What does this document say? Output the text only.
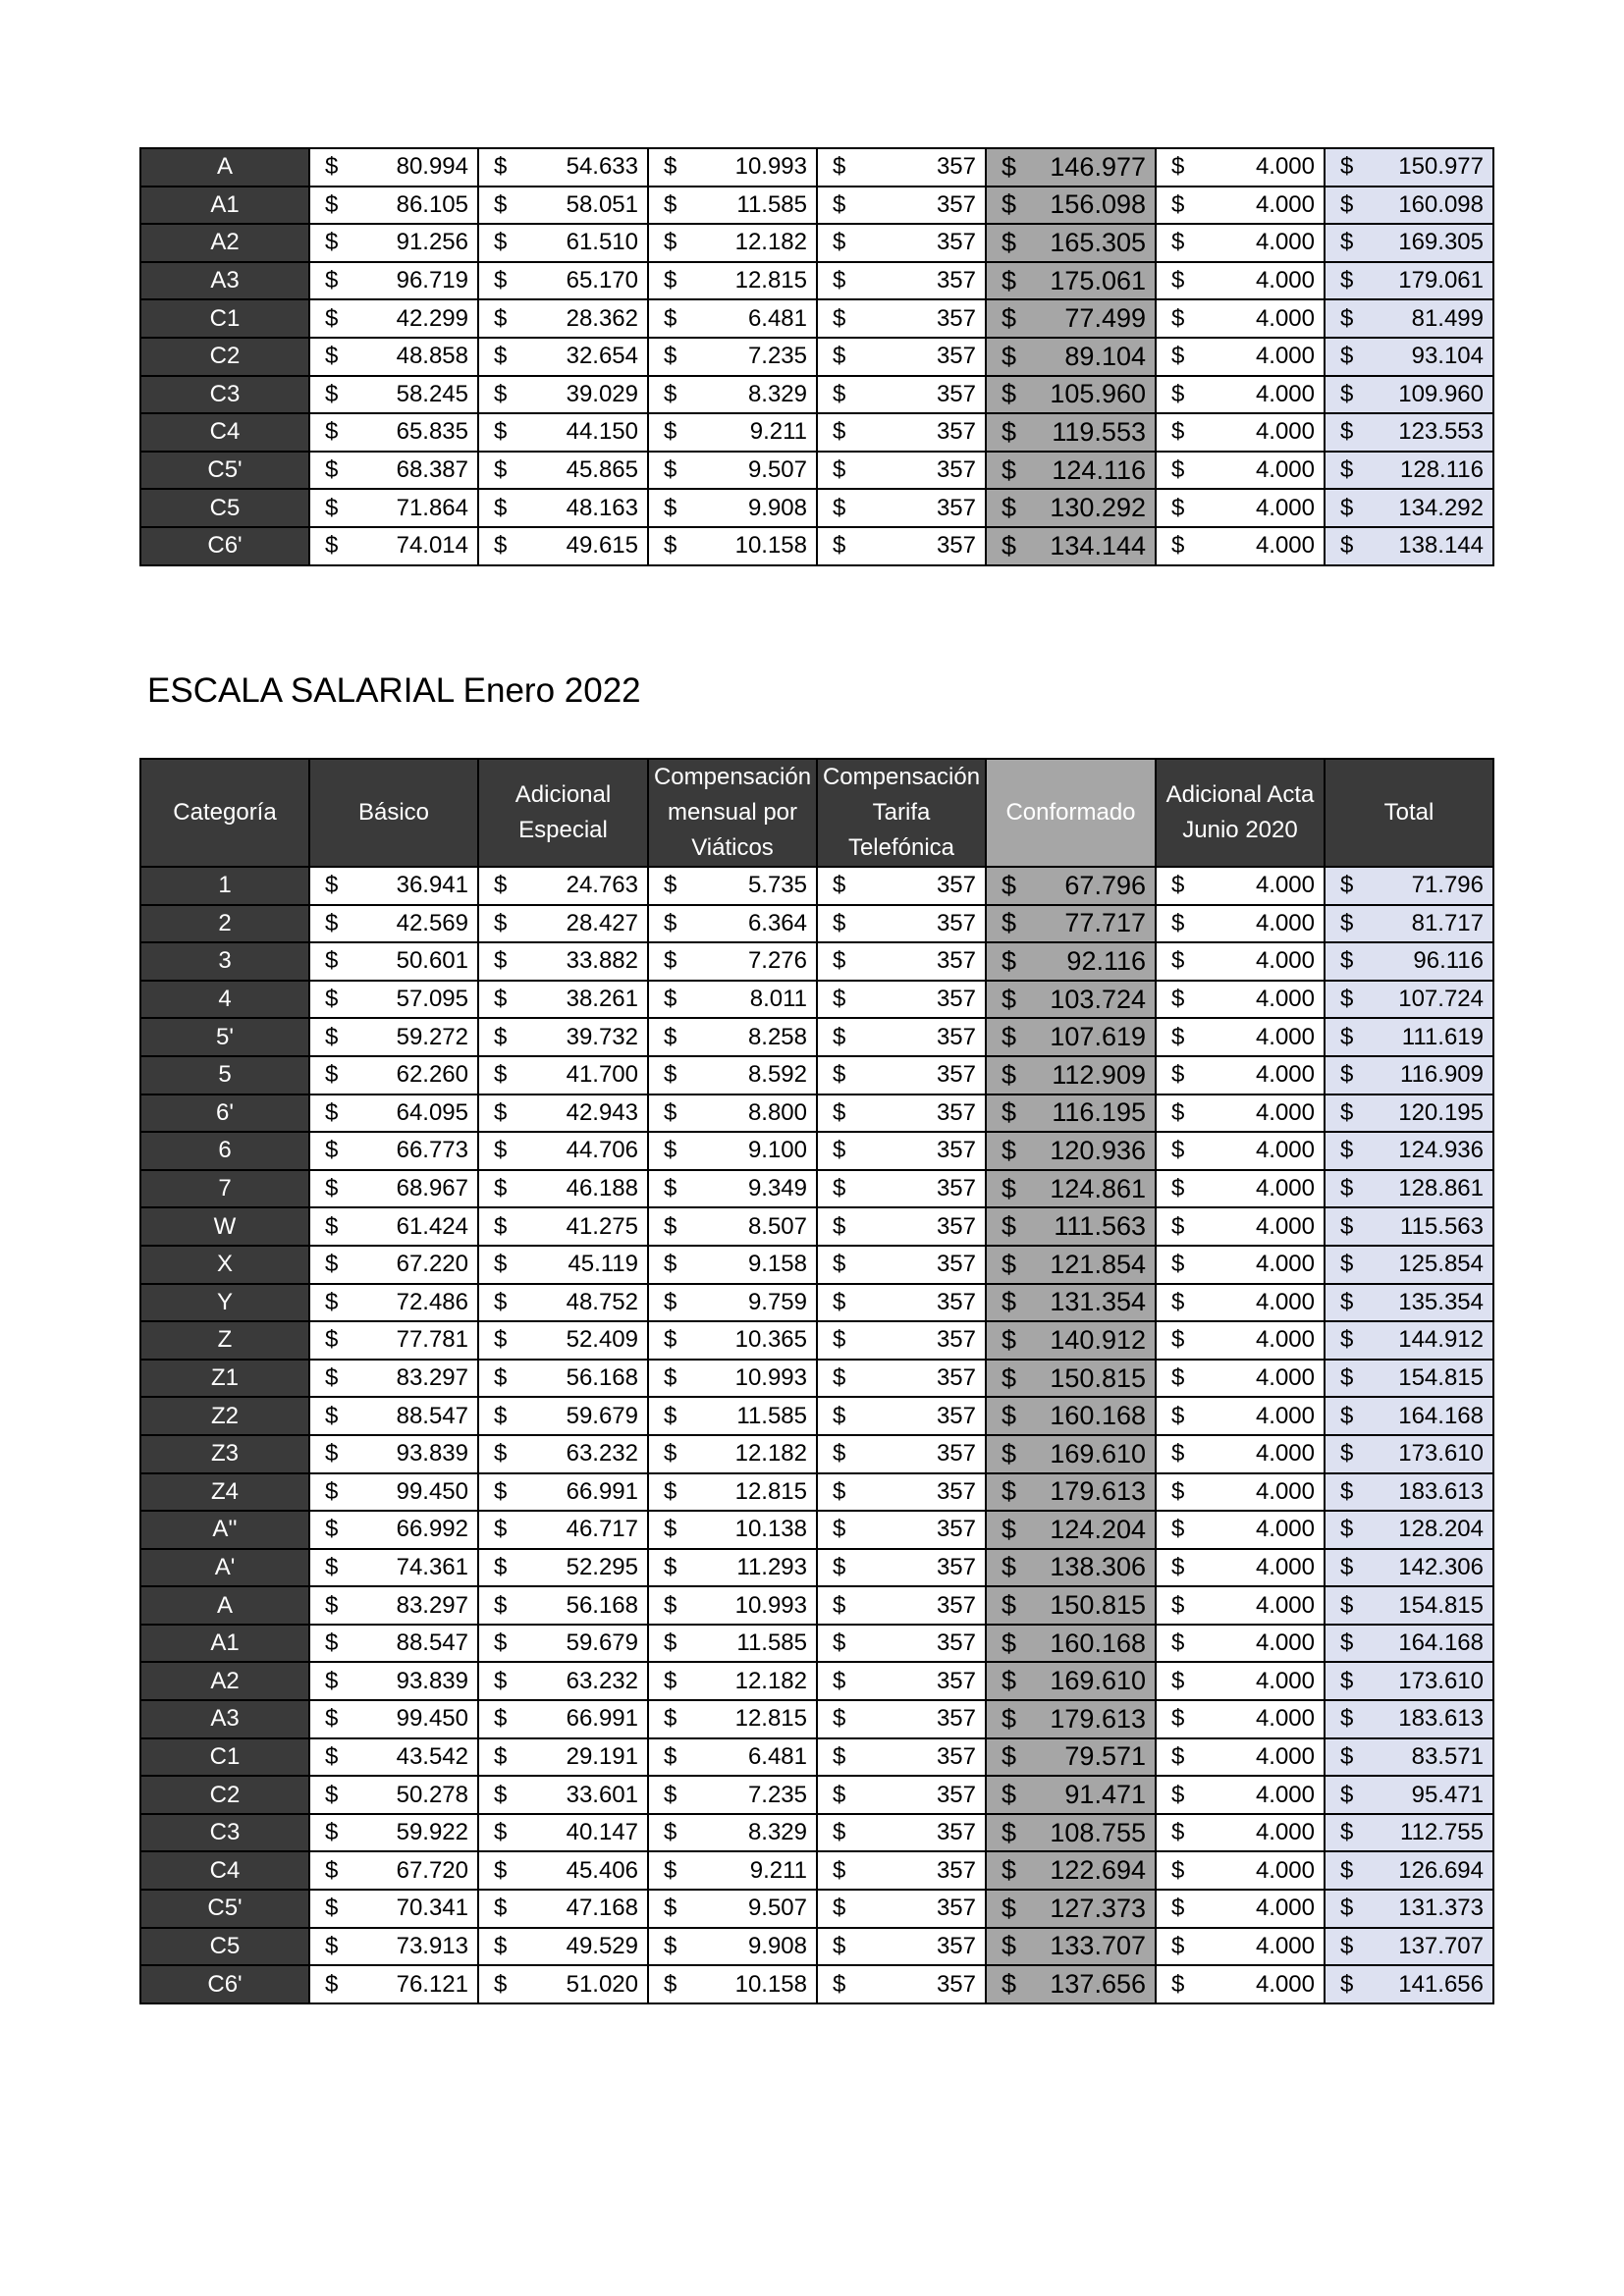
A	$ 80.994	$ 54.633	$ 10.993	$ 357	$ 146.977	$ 4.000	$ 150.977

A1	$ 86.105	$ 58.051	$ 11.585	$ 357	$ 156.098	$ 4.000	$ 160.098

A2	$ 91.256	$ 61.510	$ 12.182	$ 357	$ 165.305	$ 4.000	$ 169.305

A3	$ 96.719	$ 65.170	$ 12.815	$ 357	$ 175.061	$ 4.000	$ 179.061

C1	$ 42.299	$ 28.362	$ 6.481	$ 357	$ 77.499	$ 4.000	$ 81.499

C2	$ 48.858	$ 32.654	$ 7.235	$ 357	$ 89.104	$ 4.000	$ 93.104

C3	$ 58.245	$ 39.029	$ 8.329	$ 357	$ 105.960	$ 4.000	$ 109.960

C4	$ 65.835	$ 44.150	$ 9.211	$ 357	$ 119.553	$ 4.000	$ 123.553

C5'	$ 68.387	$ 45.865	$ 9.507	$ 357	$ 124.116	$ 4.000	$ 128.116

C5	$ 71.864	$ 48.163	$ 9.908	$ 357	$ 130.292	$ 4.000	$ 134.292

C6'	$ 74.014	$ 49.615	$ 10.158	$ 357	$ 134.144	$ 4.000	$ 138.144
ESCALA SALARIAL Enero 2022
Categoría	Básico	Adicional Especial	Compensación mensual por Viáticos	Compensación Tarifa Telefónica	Conformado	Adicional Acta Junio 2020	Total
1	$ 36.941	$ 24.763	$ 5.735	$ 357	$ 67.796	$ 4.000	$ 71.796

2	$ 42.569	$ 28.427	$ 6.364	$ 357	$ 77.717	$ 4.000	$ 81.717

3	$ 50.601	$ 33.882	$ 7.276	$ 357	$ 92.116	$ 4.000	$ 96.116

4	$ 57.095	$ 38.261	$ 8.011	$ 357	$ 103.724	$ 4.000	$ 107.724

5'	$ 59.272	$ 39.732	$ 8.258	$ 357	$ 107.619	$ 4.000	$ 111.619

5	$ 62.260	$ 41.700	$ 8.592	$ 357	$ 112.909	$ 4.000	$ 116.909

6'	$ 64.095	$ 42.943	$ 8.800	$ 357	$ 116.195	$ 4.000	$ 120.195

6	$ 66.773	$ 44.706	$ 9.100	$ 357	$ 120.936	$ 4.000	$ 124.936

7	$ 68.967	$ 46.188	$ 9.349	$ 357	$ 124.861	$ 4.000	$ 128.861

W	$ 61.424	$ 41.275	$ 8.507	$ 357	$ 111.563	$ 4.000	$ 115.563

X	$ 67.220	$ 45.119	$ 9.158	$ 357	$ 121.854	$ 4.000	$ 125.854

Y	$ 72.486	$ 48.752	$ 9.759	$ 357	$ 131.354	$ 4.000	$ 135.354

Z	$ 77.781	$ 52.409	$ 10.365	$ 357	$ 140.912	$ 4.000	$ 144.912

Z1	$ 83.297	$ 56.168	$ 10.993	$ 357	$ 150.815	$ 4.000	$ 154.815

Z2	$ 88.547	$ 59.679	$ 11.585	$ 357	$ 160.168	$ 4.000	$ 164.168

Z3	$ 93.839	$ 63.232	$ 12.182	$ 357	$ 169.610	$ 4.000	$ 173.610

Z4	$ 99.450	$ 66.991	$ 12.815	$ 357	$ 179.613	$ 4.000	$ 183.613

A''	$ 66.992	$ 46.717	$ 10.138	$ 357	$ 124.204	$ 4.000	$ 128.204

A'	$ 74.361	$ 52.295	$ 11.293	$ 357	$ 138.306	$ 4.000	$ 142.306

A	$ 83.297	$ 56.168	$ 10.993	$ 357	$ 150.815	$ 4.000	$ 154.815

A1	$ 88.547	$ 59.679	$ 11.585	$ 357	$ 160.168	$ 4.000	$ 164.168

A2	$ 93.839	$ 63.232	$ 12.182	$ 357	$ 169.610	$ 4.000	$ 173.610

A3	$ 99.450	$ 66.991	$ 12.815	$ 357	$ 179.613	$ 4.000	$ 183.613

C1	$ 43.542	$ 29.191	$ 6.481	$ 357	$ 79.571	$ 4.000	$ 83.571

C2	$ 50.278	$ 33.601	$ 7.235	$ 357	$ 91.471	$ 4.000	$ 95.471

C3	$ 59.922	$ 40.147	$ 8.329	$ 357	$ 108.755	$ 4.000	$ 112.755

C4	$ 67.720	$ 45.406	$ 9.211	$ 357	$ 122.694	$ 4.000	$ 126.694

C5'	$ 70.341	$ 47.168	$ 9.507	$ 357	$ 127.373	$ 4.000	$ 131.373

C5	$ 73.913	$ 49.529	$ 9.908	$ 357	$ 133.707	$ 4.000	$ 137.707

C6'	$ 76.121	$ 51.020	$ 10.158	$ 357	$ 137.656	$ 4.000	$ 141.656
